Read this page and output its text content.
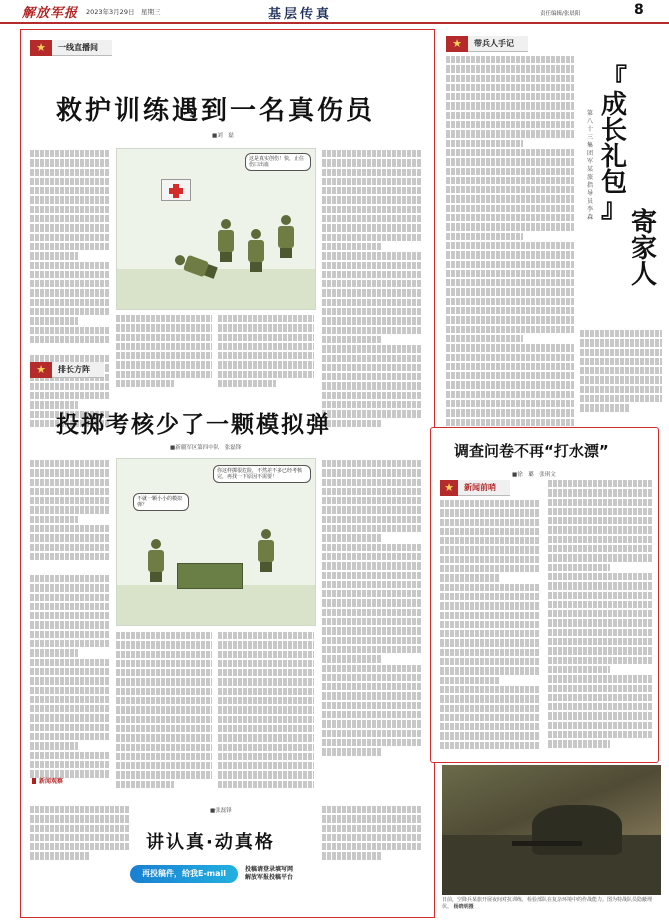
解放军报 2023年3月29日　星期三	基层传真	责任编辑/张晨阳	8
★	一线直播间
救护训练遇到一名真伤员
■刘　磊
这是真实创伤！快，止住伤口出血
★	排长方阵
投掷考核少了一颗模拟弹
■新疆军区第四中队　张磊锋
不就一颗小小的模拟弹？
你这样掷很危险，不然差不多已经考核完，再找一下原因不需要！
新闻观察
讲认真·动真格
■张磊锋
再投稿件，给我E-mail	投稿请登录填写网
解放军报投稿平台
★	带兵人手记
『
成
长
礼
包
』 寄
家
人
第八十三集团军某旅指导员　李　森
调查问卷不再“打水漂”
■徐　璐　张琪文
★	新闻前哨
日前，空降兵某旅开展夜间对抗训练，检验部队在复杂环境中的作战能力。图为特战队员隐蔽埋伏。 杨晓明摄
